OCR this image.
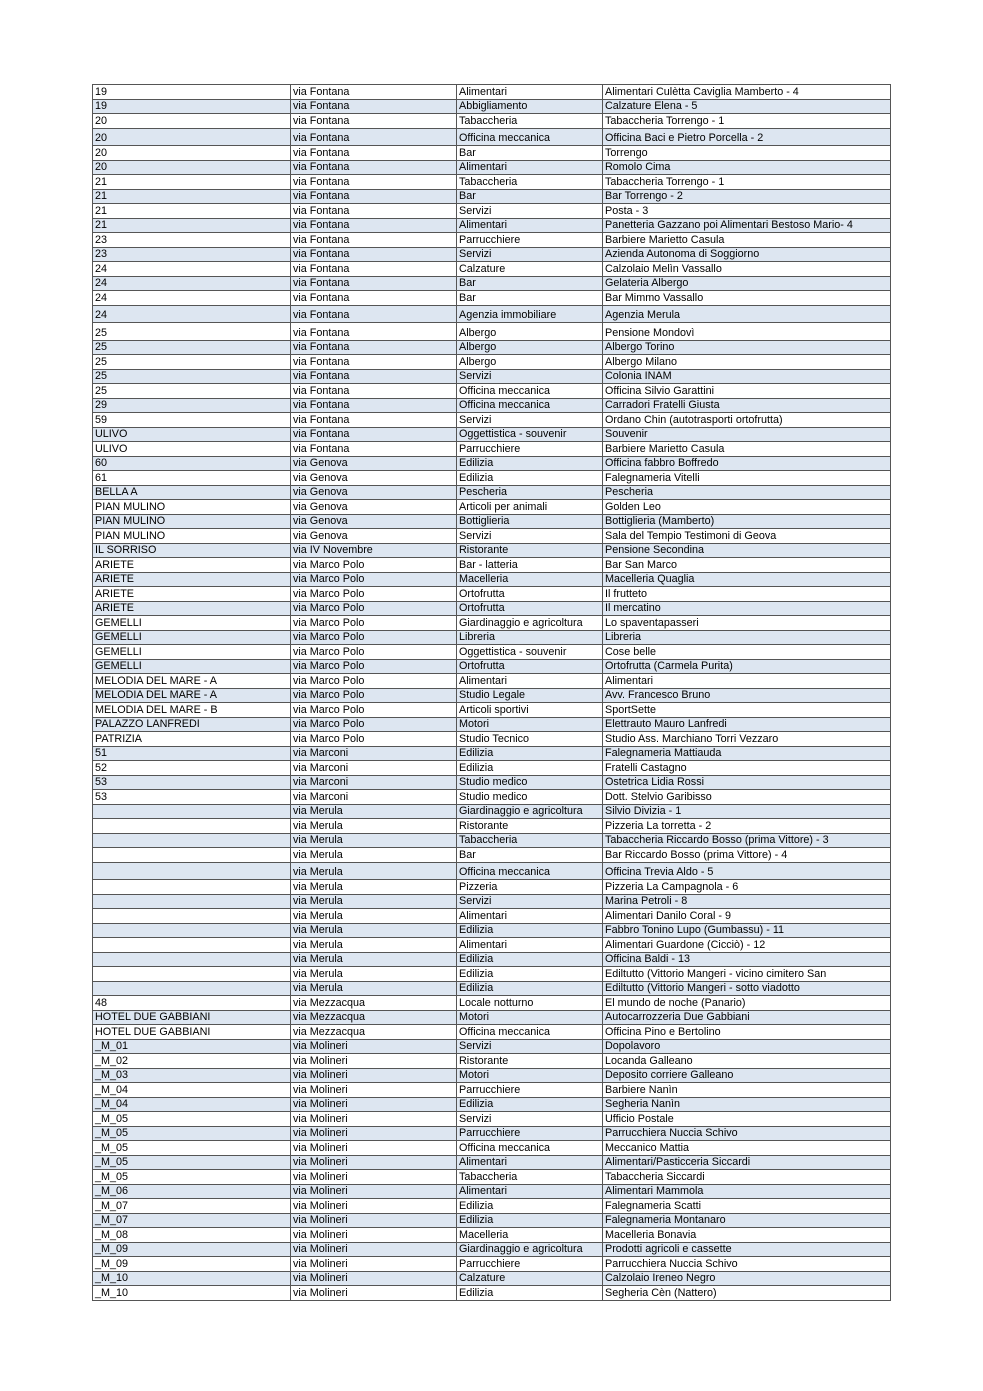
19	via Fontana	Alimentari	Alimentari Culètta Caviglia Mamberto - 4
19	via Fontana	Abbigliamento	Calzature Elena - 5
20	via Fontana	Tabaccheria	Tabaccheria Torrengo - 1
20	via Fontana	Officina meccanica	Officina Baci e Pietro Porcella - 2
20	via Fontana	Bar	Torrengo
20	via Fontana	Alimentari	Romolo Cima
21	via Fontana	Tabaccheria	Tabaccheria Torrengo - 1
21	via Fontana	Bar	Bar Torrengo - 2
21	via Fontana	Servizi	Posta - 3
21	via Fontana	Alimentari	Panetteria Gazzano poi Alimentari Bestoso Mario- 4
23	via Fontana	Parrucchiere	Barbiere Marietto Casula
23	via Fontana	Servizi	Azienda Autonoma di Soggiorno
24	via Fontana	Calzature	Calzolaio Melìn Vassallo
24	via Fontana	Bar	Gelateria Albergo
24	via Fontana	Bar	Bar Mimmo Vassallo
24	via Fontana	Agenzia immobiliare	Agenzia Merula
25	via Fontana	Albergo	Pensione Mondovì
25	via Fontana	Albergo	Albergo Torino
25	via Fontana	Albergo	Albergo Milano
25	via Fontana	Servizi	Colonia INAM
25	via Fontana	Officina meccanica	Officina Silvio Garattini
29	via Fontana	Officina meccanica	Carradori Fratelli Giusta
59	via Fontana	Servizi	Ordano Chin (autotrasporti ortofrutta)
ULIVO	via Fontana	Oggettistica - souvenir	Souvenir
ULIVO	via Fontana	Parrucchiere	Barbiere Marietto Casula
60	via Genova	Edilizia	Officina fabbro Boffredo
61	via Genova	Edilizia	Falegnameria Vitelli
BELLA A	via Genova	Pescheria	Pescheria
PIAN MULINO	via Genova	Articoli per animali	Golden Leo
PIAN MULINO	via Genova	Bottiglieria	Bottiglieria (Mamberto)
PIAN MULINO	via Genova	Servizi	Sala del Tempio Testimoni di Geova
IL SORRISO	via IV Novembre	Ristorante	Pensione Secondina
ARIETE	via Marco Polo	Bar - latteria	Bar San Marco
ARIETE	via Marco Polo	Macelleria	Macelleria Quaglia
ARIETE	via Marco Polo	Ortofrutta	Il frutteto
ARIETE	via Marco Polo	Ortofrutta	Il mercatino
GEMELLI	via Marco Polo	Giardinaggio e agricoltura	Lo spaventapasseri
GEMELLI	via Marco Polo	Libreria	Libreria
GEMELLI	via Marco Polo	Oggettistica - souvenir	Cose belle
GEMELLI	via Marco Polo	Ortofrutta	Ortofrutta (Carmela Purita)
MELODIA DEL MARE - A	via Marco Polo	Alimentari	Alimentari
MELODIA DEL MARE - A	via Marco Polo	Studio Legale	Avv. Francesco Bruno
MELODIA DEL MARE - B	via Marco Polo	Articoli sportivi	SportSette
PALAZZO LANFREDI	via Marco Polo	Motori	Elettrauto Mauro Lanfredi
PATRIZIA	via Marco Polo	Studio Tecnico	Studio Ass. Marchiano Torri Vezzaro
51	via Marconi	Edilizia	Falegnameria Mattiauda
52	via Marconi	Edilizia	Fratelli Castagno
53	via Marconi	Studio medico	Ostetrica Lidia Rossi
53	via Marconi	Studio medico	Dott. Stelvio Garibisso
	via Merula	Giardinaggio e agricoltura	Silvio Divizia - 1
	via Merula	Ristorante	Pizzeria La torretta - 2
	via Merula	Tabaccheria	Tabaccheria Riccardo Bosso (prima Vittore) - 3
	via Merula	Bar	Bar Riccardo Bosso (prima Vittore) - 4
	via Merula	Officina meccanica	Officina Trevia Aldo - 5
	via Merula	Pizzeria	Pizzeria La Campagnola - 6
	via Merula	Servizi	Marina Petroli - 8
	via Merula	Alimentari	Alimentari Danilo Coral - 9
	via Merula	Edilizia	Fabbro Tonino Lupo (Gumbassu) - 11
	via Merula	Alimentari	Alimentari Guardone (Cicciò) - 12
	via Merula	Edilizia	Officina Baldi - 13
	via Merula	Edilizia	Ediltutto (Vittorio Mangeri - vicino cimitero San
	via Merula	Edilizia	Ediltutto (Vittorio Mangeri - sotto viadotto
48	via Mezzacqua	Locale notturno	El mundo de noche (Panario)
HOTEL DUE GABBIANI	via Mezzacqua	Motori	Autocarrozzeria Due Gabbiani
HOTEL DUE GABBIANI	via Mezzacqua	Officina meccanica	Officina Pino e Bertolino
_M_01	via Molineri	Servizi	Dopolavoro
_M_02	via Molineri	Ristorante	Locanda Galleano
_M_03	via Molineri	Motori	Deposito corriere Galleano
_M_04	via Molineri	Parrucchiere	Barbiere Nanìn
_M_04	via Molineri	Edilizia	Segheria Nanìn
_M_05	via Molineri	Servizi	Ufficio Postale
_M_05	via Molineri	Parrucchiere	Parrucchiera Nuccia Schivo
_M_05	via Molineri	Officina meccanica	Meccanico Mattia
_M_05	via Molineri	Alimentari	Alimentari/Pasticceria Siccardi
_M_05	via Molineri	Tabaccheria	Tabaccheria Siccardi
_M_06	via Molineri	Alimentari	Alimentari Mammola
_M_07	via Molineri	Edilizia	Falegnameria Scatti
_M_07	via Molineri	Edilizia	Falegnameria Montanaro
_M_08	via Molineri	Macelleria	Macelleria Bonavia
_M_09	via Molineri	Giardinaggio e agricoltura	Prodotti agricoli e cassette
_M_09	via Molineri	Parrucchiere	Parrucchiera Nuccia Schivo
_M_10	via Molineri	Calzature	Calzolaio Ireneo Negro
_M_10	via Molineri	Edilizia	Segheria Cèn (Nattero)
